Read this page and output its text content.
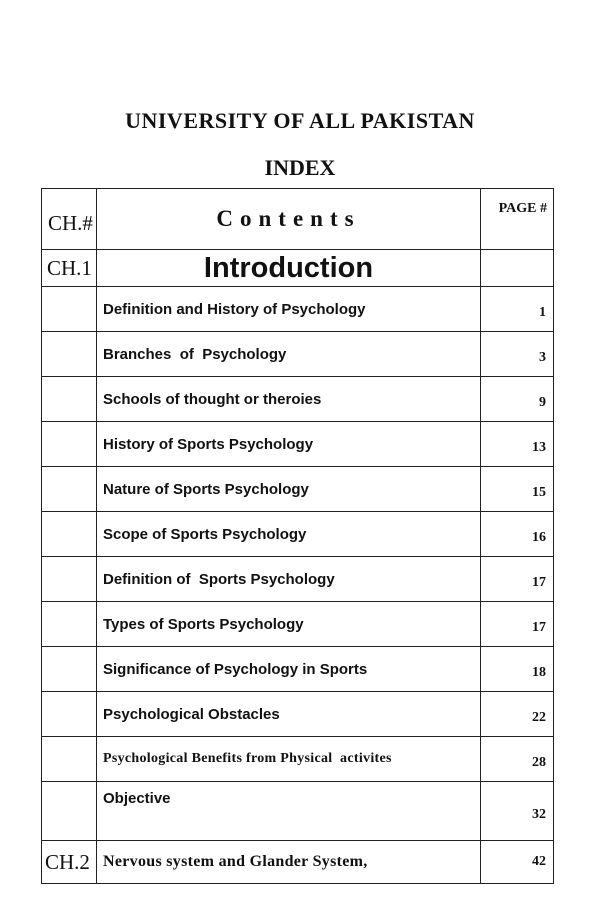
UNIVERSITY OF ALL PAKISTAN
INDEX
CH.#	Contents	PAGE #
CH.1	Introduction	
	Definition and History of Psychology	1
	Branches  of  Psychology	3
	Schools of thought or theroies	9
	History of Sports Psychology	13
	Nature of Sports Psychology	15
	Scope of Sports Psychology	16
	Definition of  Sports Psychology	17
	Types of Sports Psychology	17
	Significance of Psychology in Sports	18
	Psychological Obstacles	22
	Psychological Benefits from Physical  activites	28
	Objective	32
CH.2	Nervous system and Glander System,	42
